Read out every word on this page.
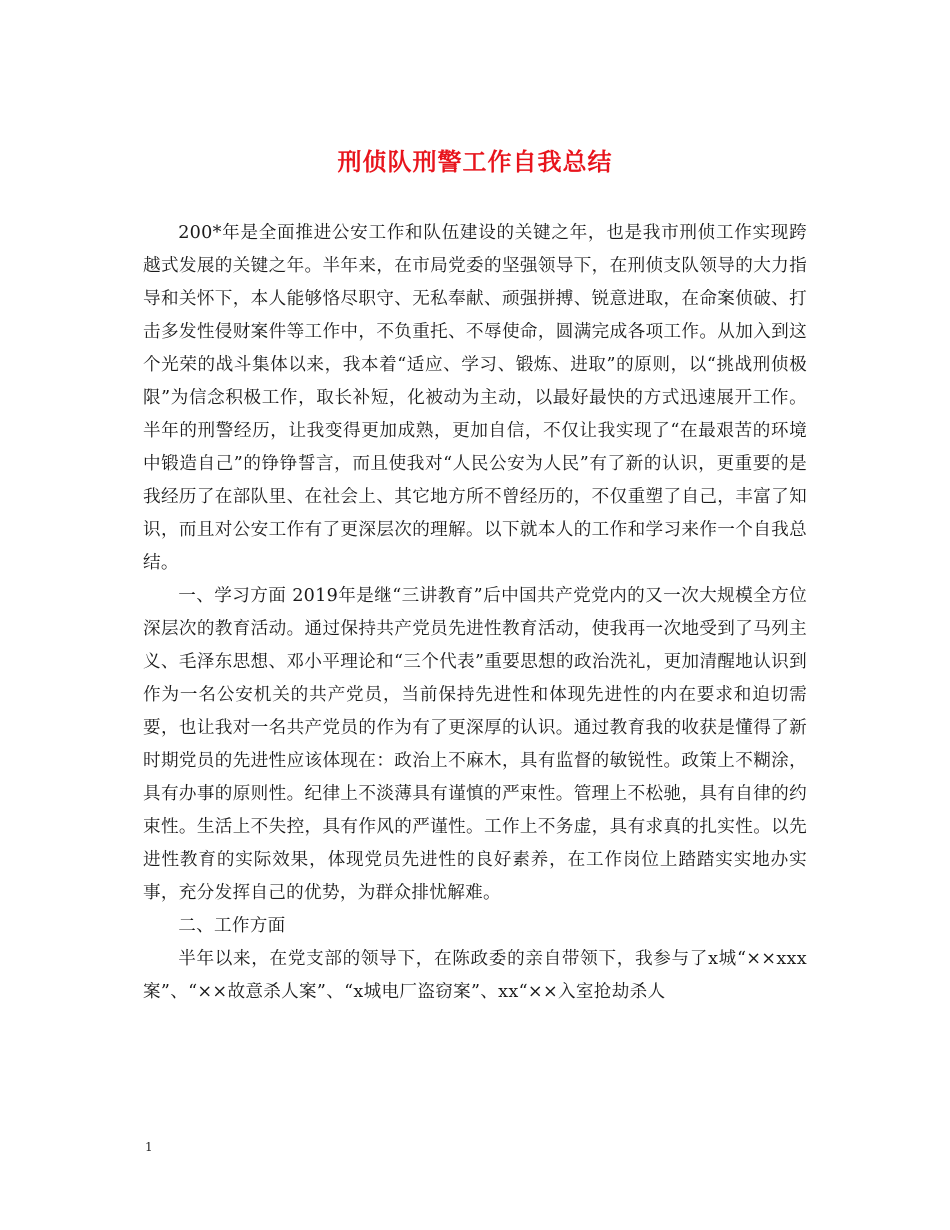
刑侦队刑警工作自我总结

200*年是全面推进公安工作和队伍建设的关键之年，也是我市刑侦工作实现跨越式发展的关键之年。半年来，在市局党委的坚强领导下，在刑侦支队领导的大力指导和关怀下，本人能够恪尽职守、无私奉献、顽强拼搏、锐意进取，在命案侦破、打击多发性侵财案件等工作中，不负重托、不辱使命，圆满完成各项工作。从加入到这个光荣的战斗集体以来，我本着“适应、学习、锻炼、进取”的原则，以“挑战刑侦极限”为信念积极工作，取长补短，化被动为主动，以最好最快的方式迅速展开工作。半年的刑警经历，让我变得更加成熟，更加自信，不仅让我实现了“在最艰苦的环境中锻造自己”的铮铮誓言，而且使我对“人民公安为人民”有了新的认识，更重要的是我经历了在部队里、在社会上、其它地方所不曾经历的，不仅重塑了自己，丰富了知识，而且对公安工作有了更深层次的理解。以下就本人的工作和学习来作一个自我总结。

一、学习方面 2019年是继“三讲教育”后中国共产党党内的又一次大规模全方位深层次的教育活动。通过保持共产党员先进性教育活动，使我再一次地受到了马列主义、毛泽东思想、邓小平理论和“三个代表”重要思想的政治洗礼，更加清醒地认识到作为一名公安机关的共产党员，当前保持先进性和体现先进性的内在要求和迫切需要，也让我对一名共产党员的作为有了更深厚的认识。通过教育我的收获是懂得了新时期党员的先进性应该体现在：政治上不麻木，具有监督的敏锐性。政策上不糊涂，具有办事的原则性。纪律上不淡薄具有谨慎的严束性。管理上不松驰，具有自律的约束性。生活上不失控，具有作风的严谨性。工作上不务虚，具有求真的扎实性。以先进性教育的实际效果，体现党员先进性的良好素养，在工作岗位上踏踏实实地办实事，充分发挥自己的优势，为群众排忧解难。

二、工作方面

半年以来，在党支部的领导下，在陈政委的亲自带领下，我参与了x城“××xxx案”、“××故意杀人案”、“x城电厂盗窃案”、xx“××入室抢劫杀人

1
